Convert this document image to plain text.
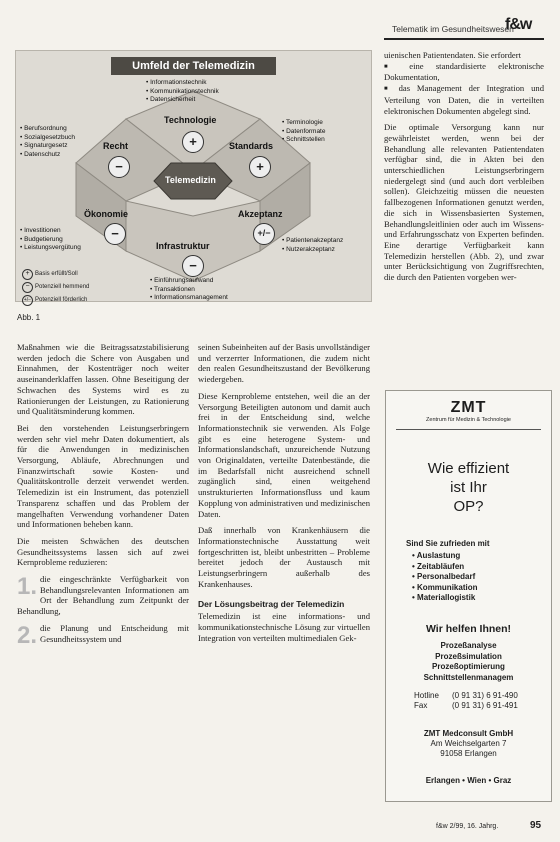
Telematik im Gesundheitswesen
f&w
Umfeld der Telemedizin
• Informationstechnik
• Kommunikationstechnik
• Datensicherheit
Technologie
+
Recht
−
Standards
+
Telemedizin
Ökonomie
−
Akzeptanz
+/−
Infrastruktur
−
• Berufsordnung
• Sozialgesetzbuch
• Signaturgesetz
• Datenschutz
• Terminologie
• Datenformate
• Schnittstellen
• Investitionen
• Budgetierung
• Leistungsvergütung
• Patientenakzeptanz
• Nutzerakzeptanz
• Einführungsaufwand
• Transaktionen
• Informationsmanagement
+ Basis erfüllt/Soll
− Potenziell hemmend
+/− Potenziell förderlich
Abb. 1

Maßnahmen wie die Beitragssatzstabilisierung werden jedoch die Schere von Ausgaben und Einnahmen, der Kostenträger noch weiter auseinanderklaffen lassen. Ohne Beseitigung der Schwachen des Systems wird es zu Rationierungen der Leistungen, zu Rationierung und Qualitätsminderung kommen.

Bei den vorstehenden Leistungserbringern werden sehr viel mehr Daten dokumentiert, als für die Anwendungen in medizinischen Versorgung, Abläufe, Abrechnungen und Finanzwirtschaft sowie Kosten- und Qualitätskontrolle derzeit verwendet werden. Telemedizin ist ein Instrument, das potenziell Transparenz schaffen und das Problem der mangelhaften Verwendung vorhandener Daten und Informationen beheben kann.

Die meisten Schwächen des deutschen Gesundheitssystems lassen sich auf zwei Kernprobleme reduzieren:

1. die eingeschränkte Verfügbarkeit von Behandlungsrelevanten Informationen am Ort der Behandlung zum Zeitpunkt der Behandlung,

2. die Planung und Entscheidung mit Gesundheitssystem und

seinen Subeinheiten auf der Basis unvollständiger und verzerrter Informationen, die zudem nicht den realen Gesundheitszustand der Bevölkerung wiedergeben.

Diese Kernprobleme entstehen, weil die an der Versorgung Beteiligten autonom und damit auch frei in der Entscheidung sind, welche Informationstechnik sie verwenden. Als Folge gibt es eine heterogene System- und Informationslandschaft, unzureichende Nutzung von Originaldaten, verteilte Datenbestände, die im Bedarfsfall nicht ausreichend schnell zugänglich sind, einen weitgehend unstrukturierten Informationsfluss und kaum Kopplung von administrativen und medizinischen Daten.

Daß innerhalb von Krankenhäusern die Informationstechnische Ausstattung weit fortgeschritten ist, bleibt unbestritten – Probleme bereitet jedoch der Austausch mit Leistungserbringern außerhalb des Krankenhauses.

Der Lösungsbeitrag der Telemedizin

Telemedizin ist eine informations- und kommunikationstechnische Lösung zur virtuellen Integration von verteilten multimedialen Gek-

uienischen Patientendaten. Sie erfordert

■ eine standardisierte elektronische Dokumentation,

■ das Management der Integration und Verteilung von Daten, die in verteilten elektronischen Dokumenten abgelegt sind.

Die optimale Versorgung kann nur gewährleistet werden, wenn bei der Behandlung alle relevanten Patientendaten verfügbar sind, die in Akten bei den unterschiedlichen Leistungserbringern niedergelegt sind (und auch dort verbleiben sollen). Gleichzeitig müssen die neuesten fallbezogenen Informationen genutzt werden, die sich in Wissensbasierten Systemen, Behandlungsleitlinien oder auch im Wissens- und Erfahrungsschatz von Experten befinden. Eine derartige Verfügbarkeit kann Telemedizin herstellen (Abb. 2), und zwar unter Berücksichtigung von Zugriffsrechten, die durch den Patienten vorgeben wer-

ZMT
Zentrum für Medizin & Technologie
Wie effizient
ist Ihr
OP?
Sind Sie zufrieden mit
• Auslastung
• Zeitabläufen
• Personalbedarf
• Kommunikation
• Materiallogistik
Wir helfen Ihnen!
Prozeßanalyse
Prozeßsimulation
Prozeßoptimierung
Schnittstellenmanagem
Hotline (0 91 31) 6 91-490
Fax	(0 91 31) 6 91-491
ZMT Medconsult GmbH
Am Weichselgarten 7
91058 Erlangen
Erlangen • Wien • Graz
f&w 2/99, 16. Jahrg.	95
